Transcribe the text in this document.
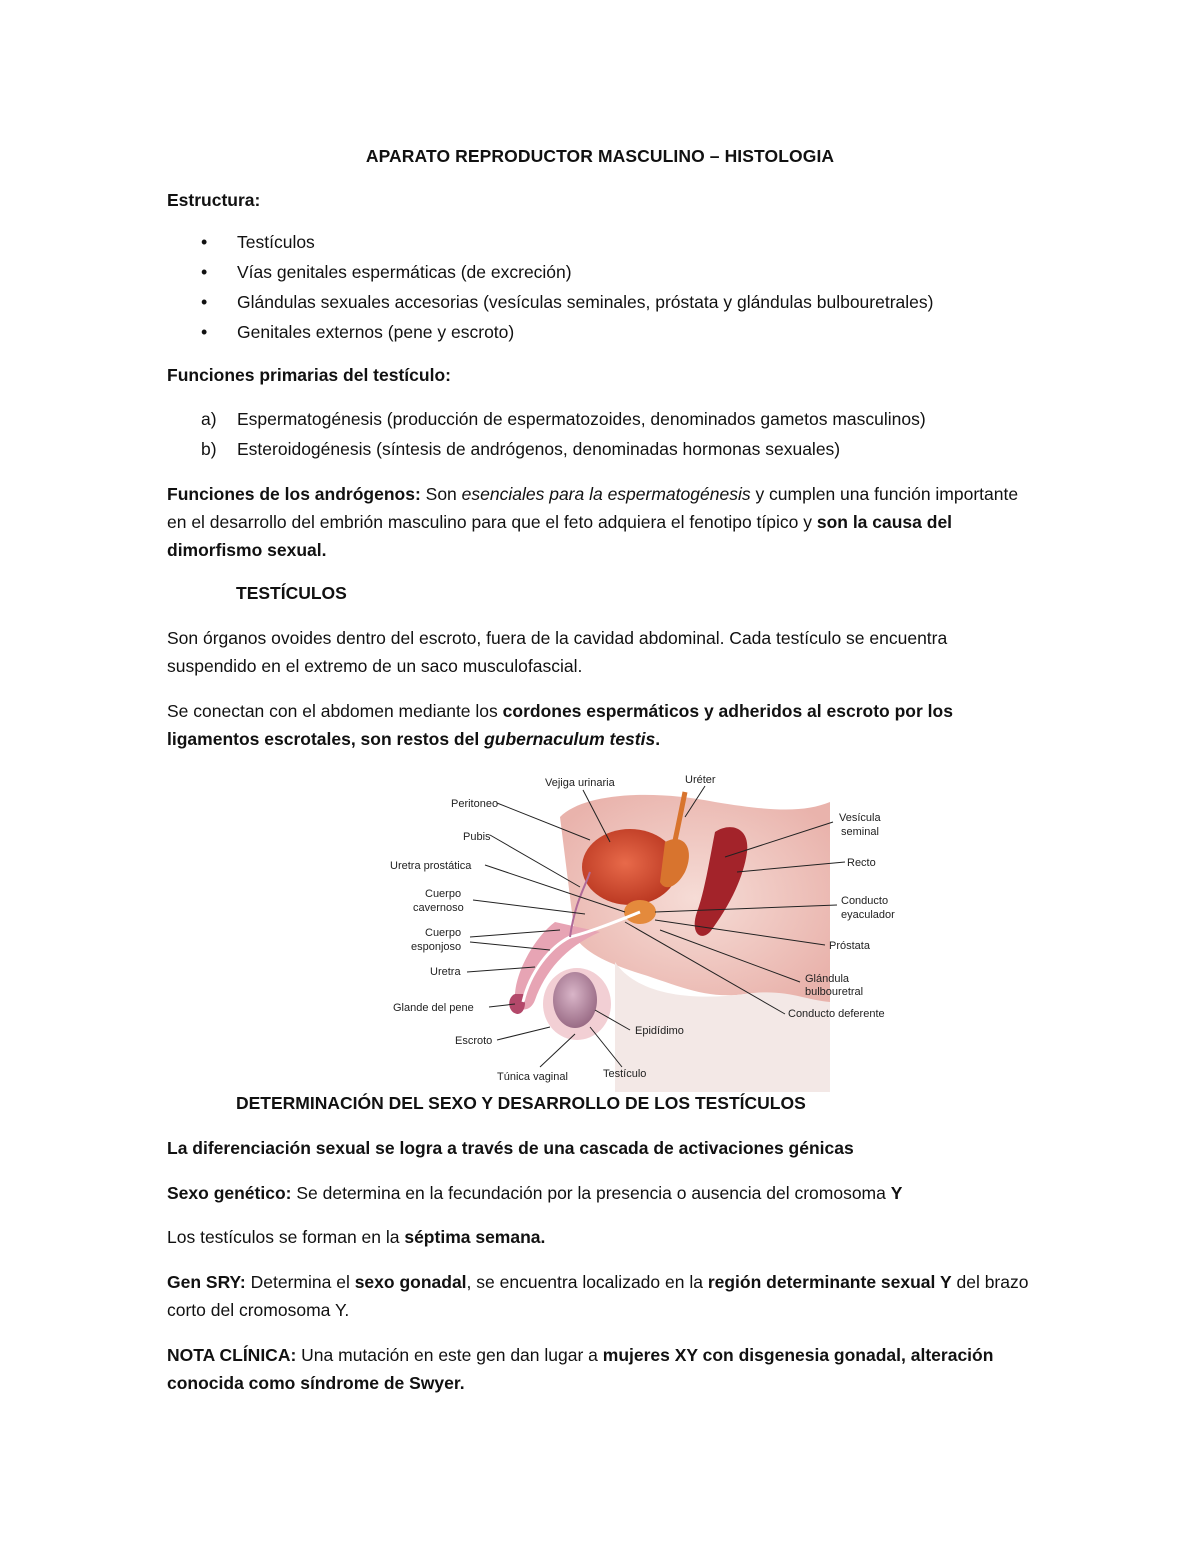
APARATO REPRODUCTOR MASCULINO – HISTOLOGIA
Estructura:
• Testículos
• Vías genitales espermáticas (de excreción)
• Glándulas sexuales accesorias (vesículas seminales, próstata y glándulas bulbouretrales)
• Genitales externos (pene y escroto)
Funciones primarias del testículo:
a) Espermatogénesis (producción de espermatozoides, denominados gametos masculinos)
b) Esteroidogénesis (síntesis de andrógenos, denominadas hormonas sexuales)

Funciones de los andrógenos: Son esenciales para la espermatogénesis y cumplen una función importante en el desarrollo del embrión masculino para que el feto adquiera el fenotipo típico y son la causa del dimorfismo sexual.

TESTÍCULOS

Son órganos ovoides dentro del escroto, fuera de la cavidad abdominal. Cada testículo se encuentra suspendido en el extremo de un saco musculofascial.

Se conectan con el abdomen mediante los cordones espermáticos y adheridos al escroto por los ligamentos escrotales, son restos del gubernaculum testis.

Peritoneo
Pubis
Uretra prostática
Cuerpo
cavernoso
Cuerpo
esponjoso
Uretra
Glande del pene
Escroto
Vejiga urinaria	Uréter
Vesícula
seminal
Recto
Conducto
eyaculador
Próstata
Glándula
bulbouretral
Conducto deferente
Epidídimo
Túnica vaginal	Testículo
DETERMINACIÓN DEL SEXO Y DESARROLLO DE LOS TESTÍCULOS

La diferenciación sexual se logra a través de una cascada de activaciones génicas

Sexo genético: Se determina en la fecundación por la presencia o ausencia del cromosoma Y

Los testículos se forman en la séptima semana.

Gen SRY: Determina el sexo gonadal, se encuentra localizado en la región determinante sexual Y del brazo corto del cromosoma Y.

NOTA CLÍNICA: Una mutación en este gen dan lugar a mujeres XY con disgenesia gonadal, alteración conocida como síndrome de Swyer.
